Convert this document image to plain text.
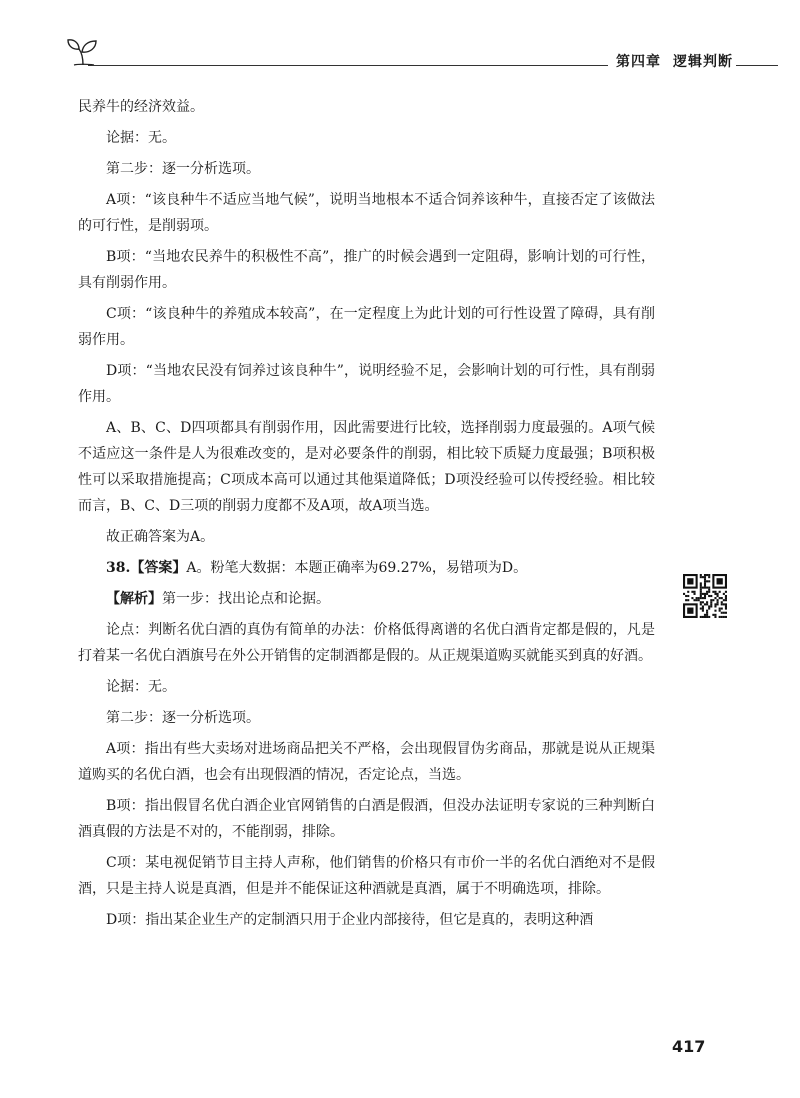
第四章 逻辑判断

民养牛的经济效益。

论据：无。

第二步：逐一分析选项。

A项：“该良种牛不适应当地气候”，说明当地根本不适合饲养该种牛，直接否定了该做法的可行性，是削弱项。

B项：“当地农民养牛的积极性不高”，推广的时候会遇到一定阻碍，影响计划的可行性，具有削弱作用。

C项：“该良种牛的养殖成本较高”，在一定程度上为此计划的可行性设置了障碍，具有削弱作用。

D项：“当地农民没有饲养过该良种牛”，说明经验不足，会影响计划的可行性，具有削弱作用。

A、B、C、D四项都具有削弱作用，因此需要进行比较，选择削弱力度最强的。A项气候不适应这一条件是人为很难改变的，是对必要条件的削弱，相比较下质疑力度最强；B项积极性可以采取措施提高；C项成本高可以通过其他渠道降低；D项没经验可以传授经验。相比较而言，B、C、D三项的削弱力度都不及A项，故A项当选。

故正确答案为A。

38.【答案】A。粉笔大数据：本题正确率为69.27%，易错项为D。

【解析】第一步：找出论点和论据。

论点：判断名优白酒的真伪有简单的办法：价格低得离谱的名优白酒肯定都是假的，凡是打着某一名优白酒旗号在外公开销售的定制酒都是假的。从正规渠道购买就能买到真的好酒。

论据：无。

第二步：逐一分析选项。

A项：指出有些大卖场对进场商品把关不严格，会出现假冒伪劣商品，那就是说从正规渠道购买的名优白酒，也会有出现假酒的情况，否定论点，当选。

B项：指出假冒名优白酒企业官网销售的白酒是假酒，但没办法证明专家说的三种判断白酒真假的方法是不对的，不能削弱，排除。

C项：某电视促销节目主持人声称，他们销售的价格只有市价一半的名优白酒绝对不是假酒，只是主持人说是真酒，但是并不能保证这种酒就是真酒，属于不明确选项，排除。

D项：指出某企业生产的定制酒只用于企业内部接待，但它是真的，表明这种酒

417
